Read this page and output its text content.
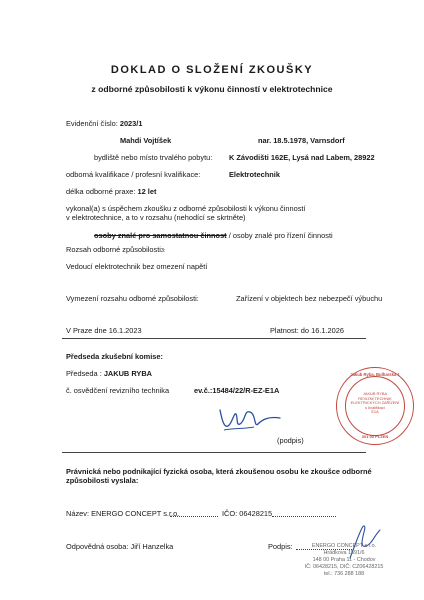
DOKLAD O SLOŽENÍ ZKOUŠKY
z odborné způsobilosti k výkonu činností v elektrotechnice
Evidenční číslo: 2023/1
Mahdi Vojtíšek	nar. 18.5.1978, Varnsdorf
bydliště nebo místo trvalého pobytu: K Závodišti 162E, Lysá nad Labem, 28922
odborná kvalifikace / profesní kvalifikace:	Elektrotechnik
délka odborné praxe: 12 let
vykonal(a) s úspěchem zkoušku z odborné způsobilosti k výkonu činností
v elektrotechnice, a to v rozsahu (nehodící se skrtněte)
osoby znalé pro samostatnou činnost / osoby znalé pro řízení činnosti
Rozsah odborné způsobilosti3:
Vedoucí elektrotechnik bez omezení napětí
Vymezení rozsahu odborné způsobilosti:	Zařízení v objektech bez nebezpečí výbuchu
V Praze dne 16.1.2023	Platnost: do 16.1.2026
Předseda zkušební komise:
Předseda : JAKUB RYBA
č. osvědčení revizního technika	ev.č.:15484/22/R-EZ-E1A
Jakub Ryba, Bulharská 1
JAKUB RYBA
REVIZNÍ TECHNIK
ELEKTRICKÝCH ZAŘÍZENÍ
s kvalifikací
E1A
301 00 PLZEŇ
(podpis)
Právnická nebo podnikající fyzická osoba, která zkoušenou osobu ke zkoušce odborné
způsobilosti vyslala:
Název: ENERGO CONCEPT s.r.o.	IČO: 06428215
Odpovědná osoba: Jiří Hanzelka	Podpis:	ENERGO CONCEPT s.r.o.
Hrádkova 1591/6
148 00 Praha 11 - Chodov
IČ: 06428215, DIČ: CZ06428215
tel.: 736 288 188
